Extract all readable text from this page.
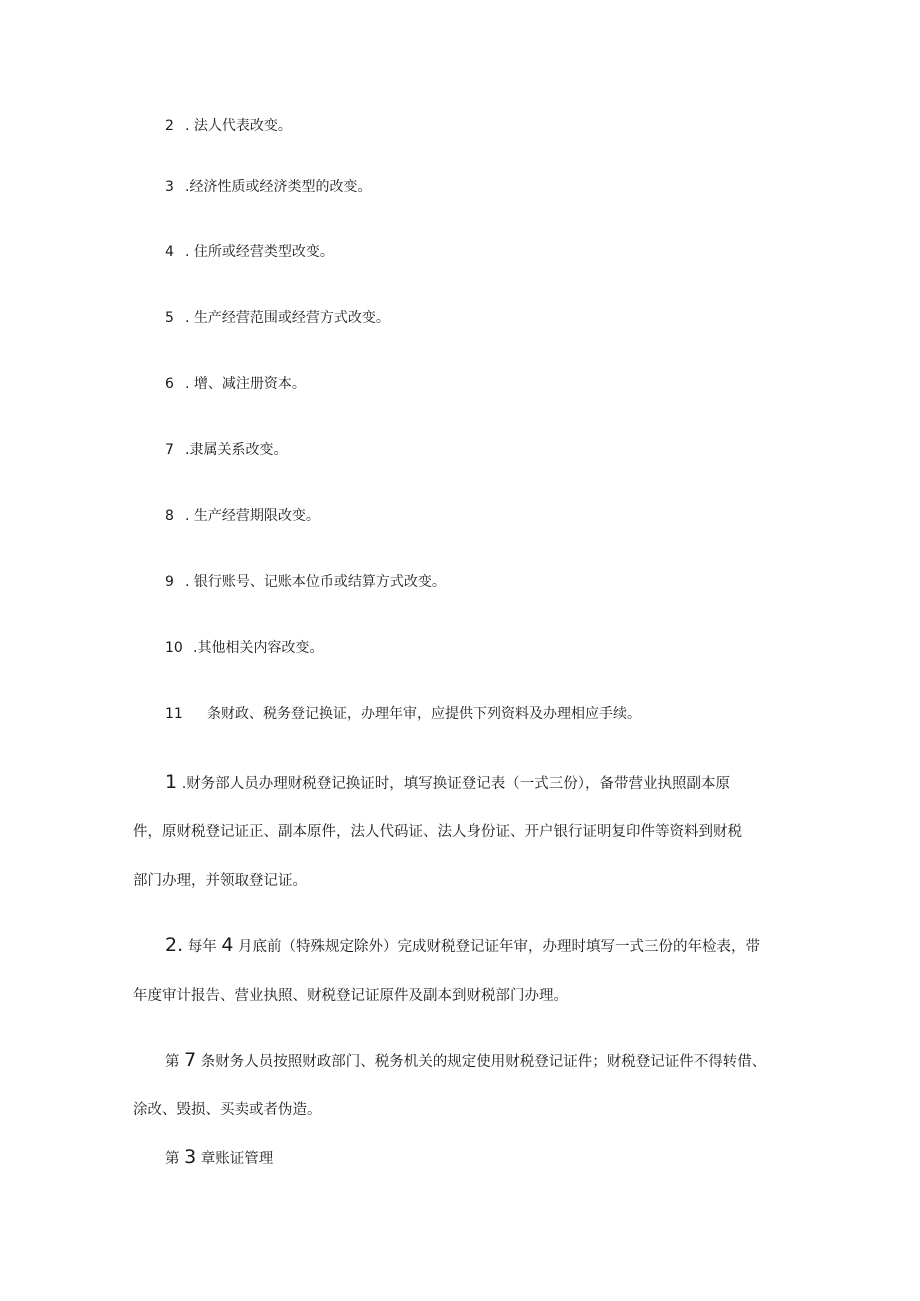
2 . 法人代表改变。
3 .经济性质或经济类型的改变。
4 . 住所或经营类型改变。
5 . 生产经营范围或经营方式改变。
6 . 增、减注册资本。
7 .隶属关系改变。
8 . 生产经营期限改变。
9 . 银行账号、记账本位币或结算方式改变。
10 .其他相关内容改变。
11 条财政、税务登记换证，办理年审，应提供下列资料及办理相应手续。
1 .财务部人员办理财税登记换证时，填写换证登记表（一式三份），备带营业执照副本原
件，原财税登记证正、副本原件，法人代码证、法人身份证、开户银行证明复印件等资料到财税
部门办理，并领取登记证。
2. 每年 4 月底前（特殊规定除外）完成财税登记证年审，办理时填写一式三份的年检表，带
年度审计报告、营业执照、财税登记证原件及副本到财税部门办理。
第 7 条财务人员按照财政部门、税务机关的规定使用财税登记证件；财税登记证件不得转借、
涂改、毁损、买卖或者伪造。
第 3 章账证管理
